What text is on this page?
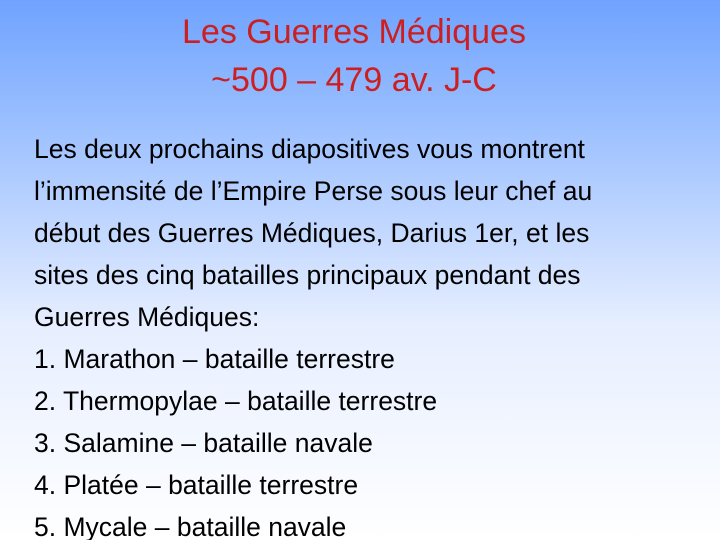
Les Guerres Médiques
~500 – 479 av. J-C
Les deux prochains diapositives vous montrent
l’immensité de l’Empire Perse sous leur chef au
début des Guerres Médiques, Darius 1er, et les
sites des cinq batailles principaux pendant des
Guerres Médiques:
1. Marathon – bataille terrestre
2. Thermopylae – bataille terrestre
3. Salamine – bataille navale
4. Platée – bataille terrestre
5. Mycale – bataille navale
